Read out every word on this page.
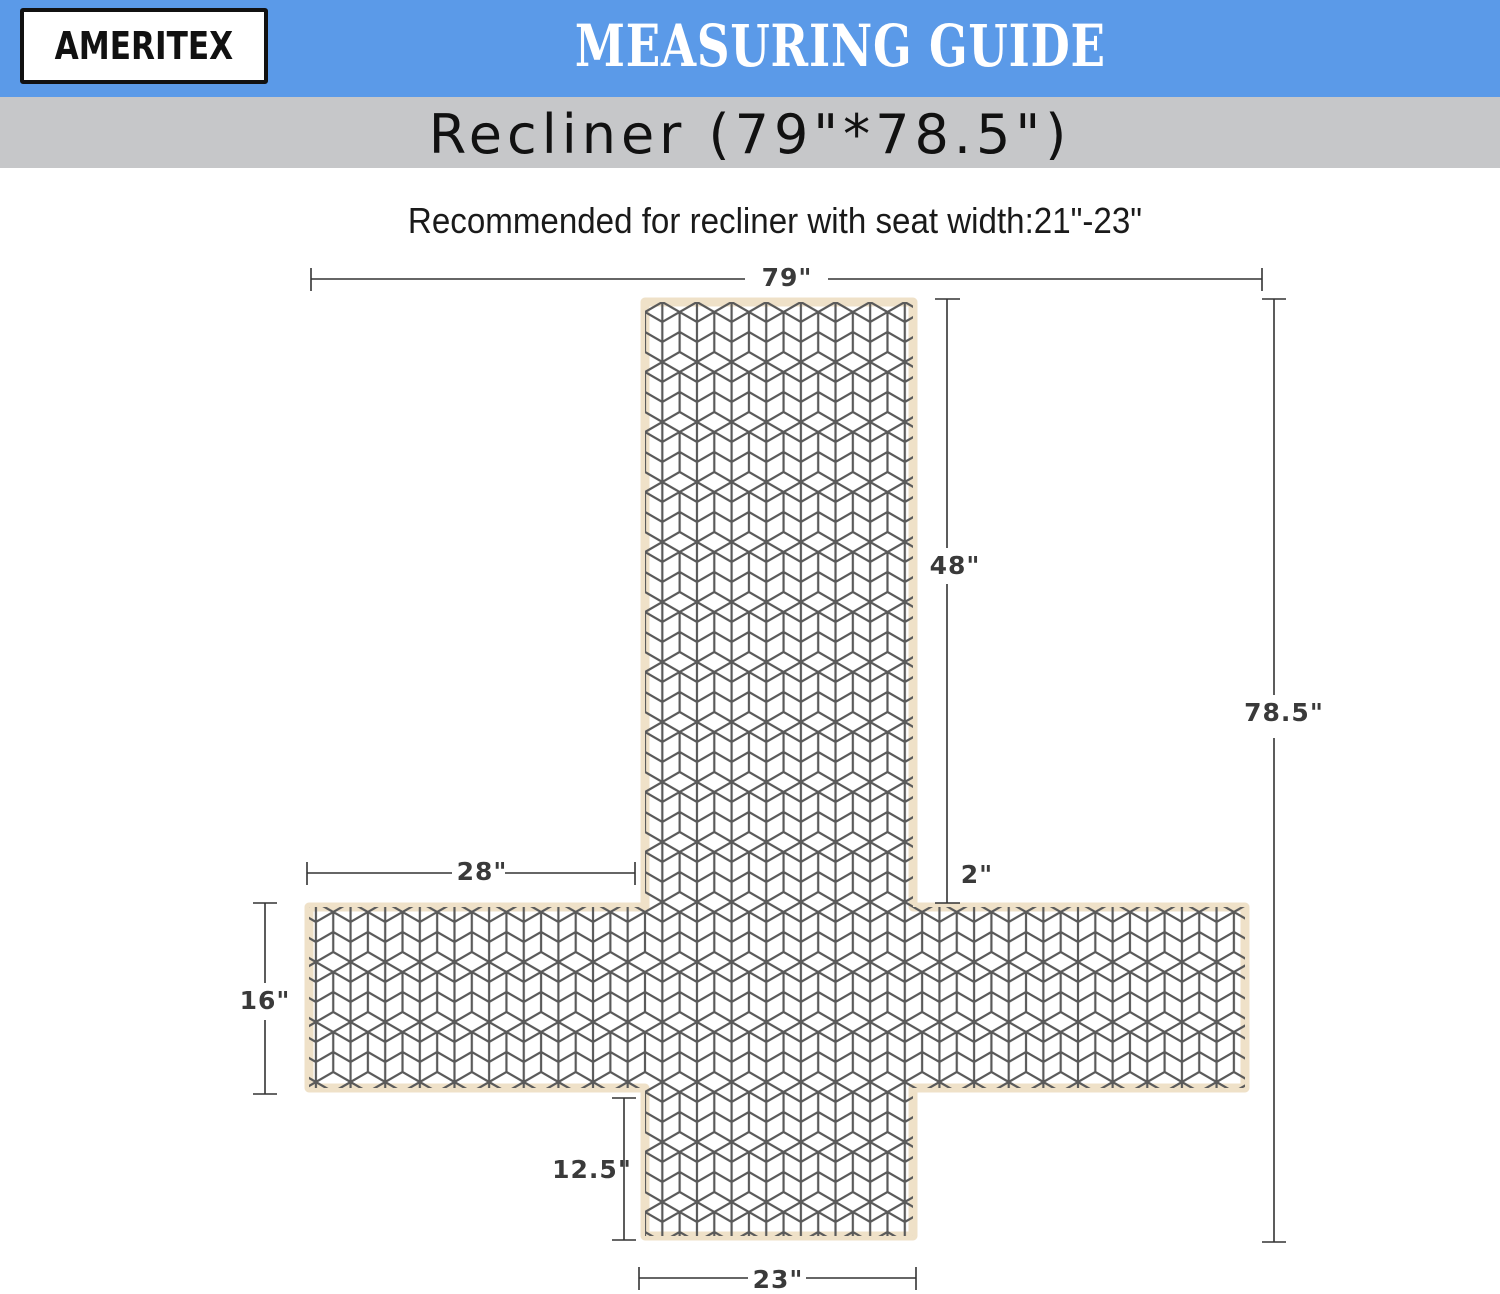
AMERITEX	MEASURING GUIDE
Recliner (79"*78.5")
Recommended for recliner with seat width:21"-23"
79"
78.5"
48"
2"
28"
16"
12.5"
23"
